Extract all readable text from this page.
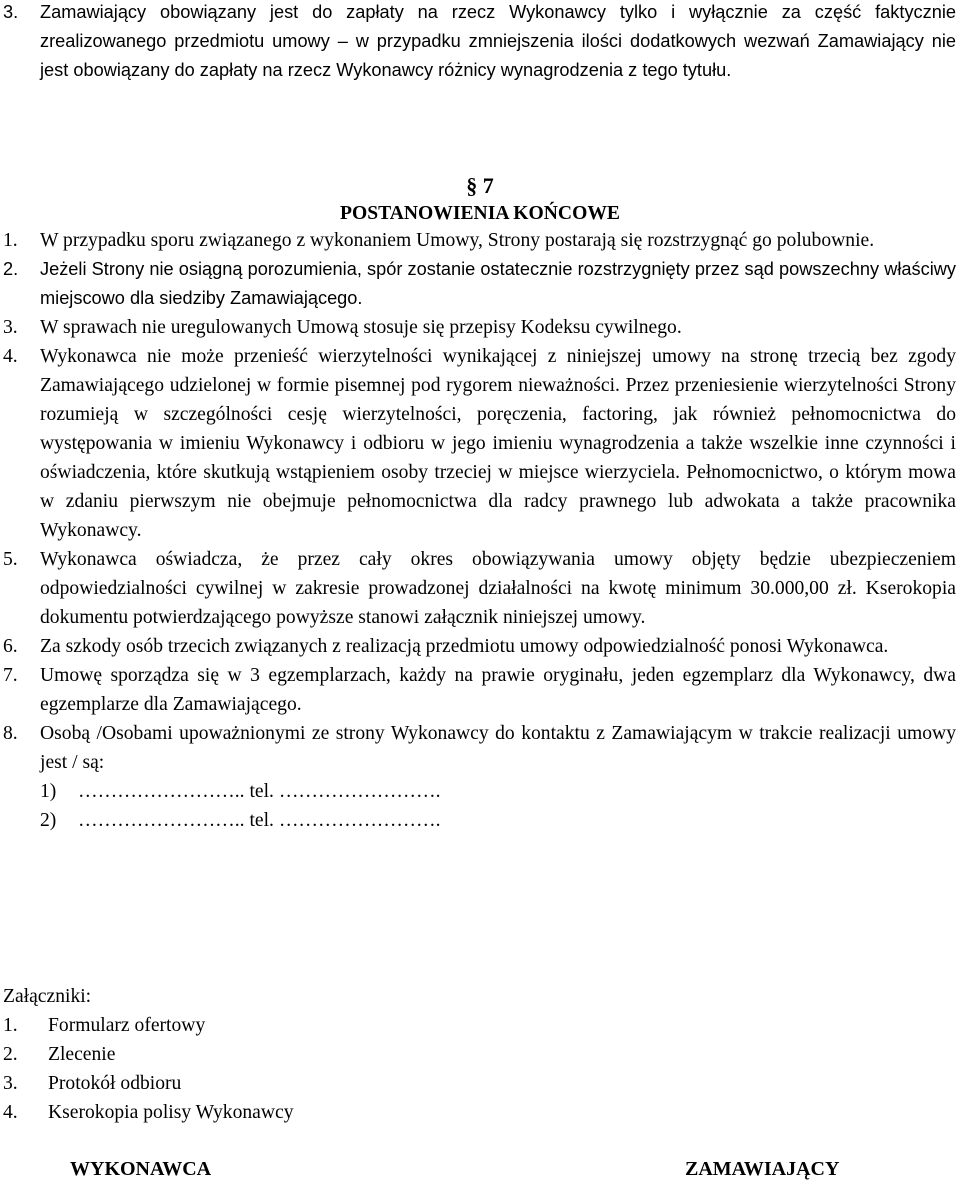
3. Zamawiający obowiązany jest do zapłaty na rzecz Wykonawcy tylko i wyłącznie za część faktycznie zrealizowanego przedmiotu umowy – w przypadku zmniejszenia ilości dodatkowych wezwań Zamawiający nie jest obowiązany do zapłaty na rzecz Wykonawcy różnicy wynagrodzenia z tego tytułu.

§ 7
POSTANOWIENIA KOŃCOWE

1. W przypadku sporu związanego z wykonaniem Umowy, Strony postarają się rozstrzygnąć go polubownie.

2. Jeżeli Strony nie osiągną porozumienia, spór zostanie ostatecznie rozstrzygnięty przez sąd powszechny właściwy miejscowo dla siedziby Zamawiającego.

3. W sprawach nie uregulowanych Umową stosuje się przepisy Kodeksu cywilnego.

4. Wykonawca nie może przenieść wierzytelności wynikającej z niniejszej umowy na stronę trzecią bez zgody Zamawiającego udzielonej w formie pisemnej pod rygorem nieważności. Przez przeniesienie wierzytelności Strony rozumieją w szczególności cesję wierzytelności, poręczenia, factoring, jak również pełnomocnictwa do występowania w imieniu Wykonawcy i odbioru w jego imieniu wynagrodzenia a także wszelkie inne czynności i oświadczenia, które skutkują wstąpieniem osoby trzeciej w miejsce wierzyciela. Pełnomocnictwo, o którym mowa w zdaniu pierwszym nie obejmuje pełnomocnictwa dla radcy prawnego lub adwokata a także pracownika Wykonawcy.

5. Wykonawca oświadcza, że przez cały okres obowiązywania umowy objęty będzie ubezpieczeniem odpowiedzialności cywilnej w zakresie prowadzonej działalności na kwotę minimum 30.000,00 zł. Kserokopia dokumentu potwierdzającego powyższe stanowi załącznik niniejszej umowy.

6. Za szkody osób trzecich związanych z realizacją przedmiotu umowy odpowiedzialność ponosi Wykonawca.

7. Umowę sporządza się w 3 egzemplarzach, każdy na prawie oryginału, jeden egzemplarz dla Wykonawcy, dwa egzemplarze dla Zamawiającego.

8. Osobą /Osobami upoważnionymi ze strony Wykonawcy do kontaktu z Zamawiającym w trakcie realizacji umowy jest / są:

1) …………………….. tel. …………………….
2) …………………….. tel. …………………….
Załączniki:
1. Formularz ofertowy
2. Zlecenie
3. Protokół odbioru
4. Kserokopia polisy Wykonawcy
WYKONAWCA	ZAMAWIAJĄCY
